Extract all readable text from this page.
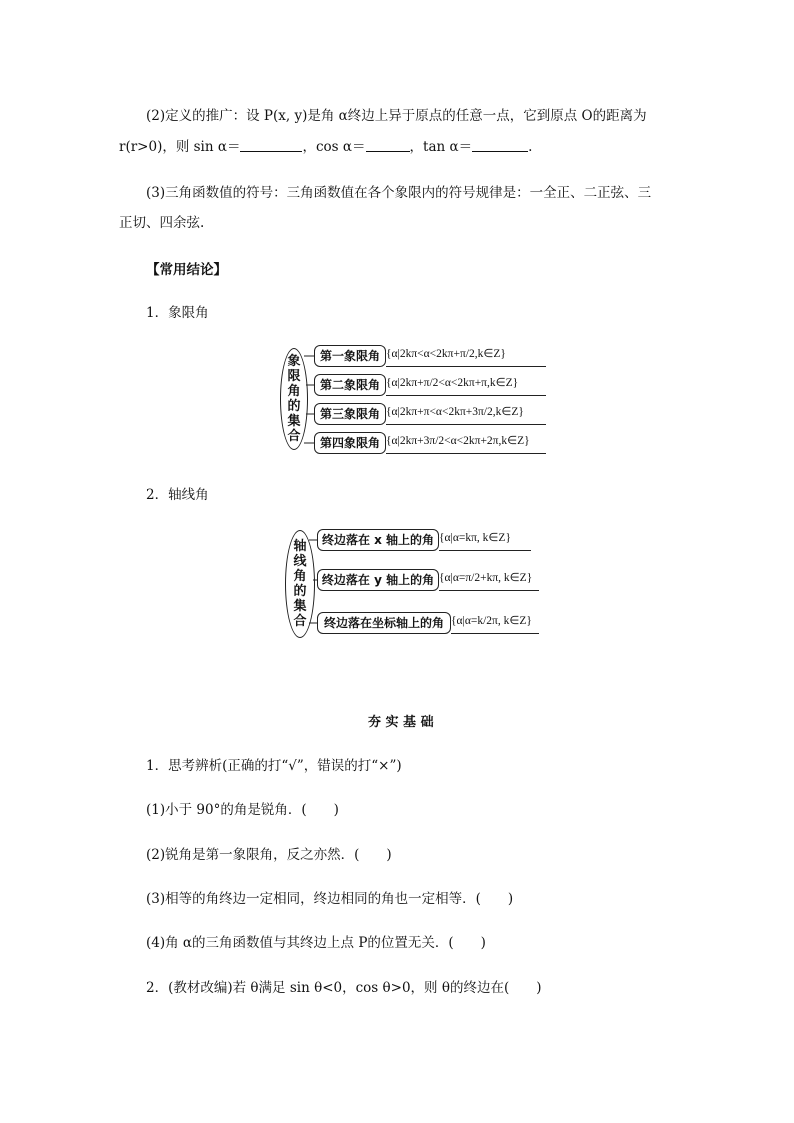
(2)定义的推广：设 P(x, y)是角 α终边上异于原点的任意一点，它到原点 O的距离为
r(r>0)，则 sin α＝	，cos α＝	，tan α＝	.
(3)三角函数值的符号：三角函数值在各个象限内的符号规律是：一全正、二正弦、三
正切、四余弦.
【常用结论】
1．象限角
象
限
角
的
集
合
第一象限角 {α|2kπ<α<2kπ+π/2,k∈Z}
第二象限角 {α|2kπ+π/2<α<2kπ+π,k∈Z}
第三象限角 {α|2kπ+π<α<2kπ+3π/2,k∈Z}
第四象限角 {α|2kπ+3π/2<α<2kπ+2π,k∈Z}
2．轴线角
轴
线
角
的
集
合
终边落在 x 轴上的角 {α|α=kπ, k∈Z}
终边落在 y 轴上的角 {α|α=π/2+kπ, k∈Z}
终边落在坐标轴上的角 {α|α=k/2π, k∈Z}
夯 实 基 础
1．思考辨析(正确的打“√”，错误的打“×”)
(1)小于 90°的角是锐角．(　　)
(2)锐角是第一象限角，反之亦然．(　　)
(3)相等的角终边一定相同，终边相同的角也一定相等．(　　)
(4)角 α的三角函数值与其终边上点 P的位置无关．(　　)
2．(教材改编)若 θ满足 sin θ<0，cos θ>0，则 θ的终边在(　　)
